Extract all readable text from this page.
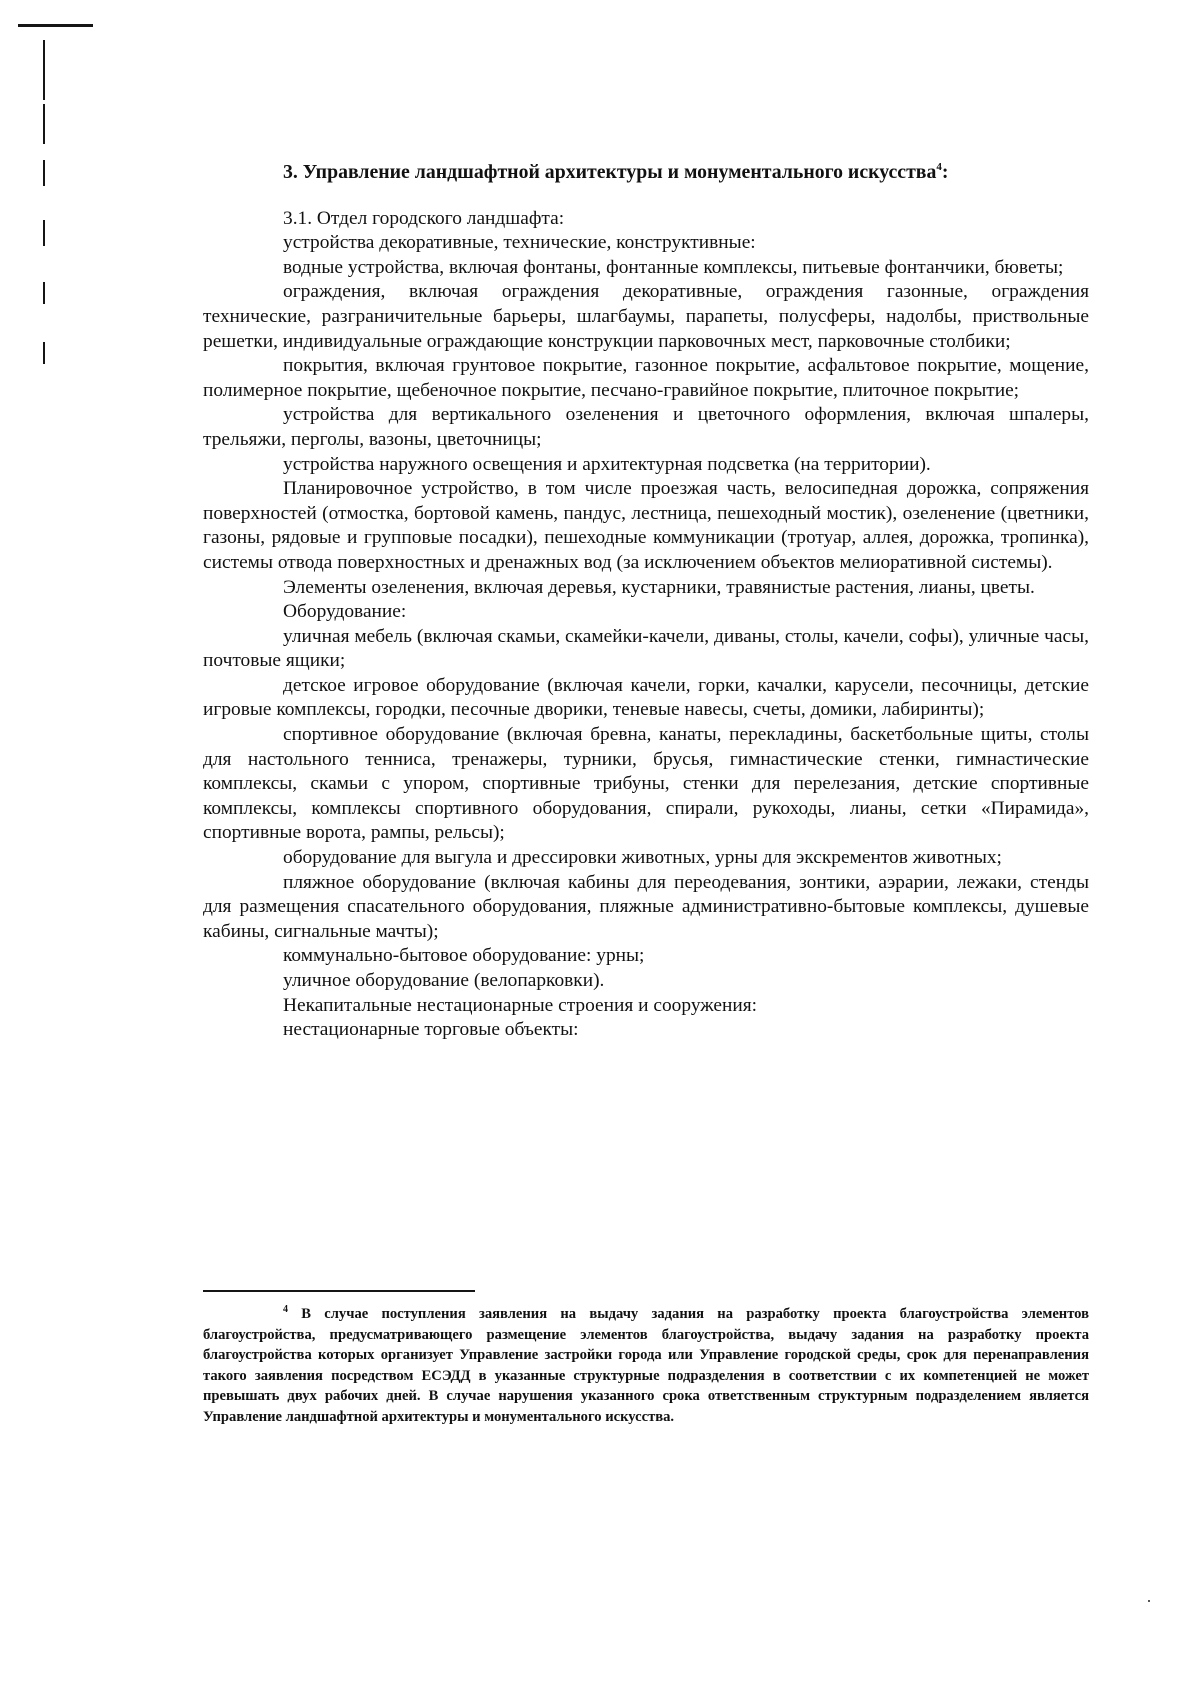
3. Управление ландшафтной архитектуры и монументального искусства$^4$:

3.1. Отдел городского ландшафта:

устройства декоративные, технические, конструктивные:

водные устройства, включая фонтаны, фонтанные комплексы, питьевые фонтанчики, бюветы;

ограждения, включая ограждения декоративные, ограждения газонные, ограждения технические, разграничительные барьеры, шлагбаумы, парапеты, полусферы, надолбы, приствольные решетки, индивидуальные ограждающие конструкции парковочных мест, парковочные столбики;

покрытия, включая грунтовое покрытие, газонное покрытие, асфальтовое покрытие, мощение, полимерное покрытие, щебеночное покрытие, песчано-гравийное покрытие, плиточное покрытие;

устройства для вертикального озеленения и цветочного оформления, включая шпалеры, трельяжи, перголы, вазоны, цветочницы;

устройства наружного освещения и архитектурная подсветка (на территории).

Планировочное устройство, в том числе проезжая часть, велосипедная дорожка, сопряжения поверхностей (отмостка, бортовой камень, пандус, лестница, пешеходный мостик), озеленение (цветники, газоны, рядовые и групповые посадки), пешеходные коммуникации (тротуар, аллея, дорожка, тропинка), системы отвода поверхностных и дренажных вод (за исключением объектов мелиоративной системы).

Элементы озеленения, включая деревья, кустарники, травянистые растения, лианы, цветы.

Оборудование:

уличная мебель (включая скамьи, скамейки-качели, диваны, столы, качели, софы), уличные часы, почтовые ящики;

детское игровое оборудование (включая качели, горки, качалки, карусели, песочницы, детские игровые комплексы, городки, песочные дворики, теневые навесы, счеты, домики, лабиринты);

спортивное оборудование (включая бревна, канаты, перекладины, баскетбольные щиты, столы для настольного тенниса, тренажеры, турники, брусья, гимнастические стенки, гимнастические комплексы, скамьи с упором, спортивные трибуны, стенки для перелезания, детские спортивные комплексы, комплексы спортивного оборудования, спирали, рукоходы, лианы, сетки «Пирамида», спортивные ворота, рампы, рельсы);

оборудование для выгула и дрессировки животных, урны для экскрементов животных;

пляжное оборудование (включая кабины для переодевания, зонтики, аэрарии, лежаки, стенды для размещения спасательного оборудования, пляжные административно-бытовые комплексы, душевые кабины, сигнальные мачты);

коммунально-бытовое оборудование: урны;

уличное оборудование (велопарковки).

Некапитальные нестационарные строения и сооружения:

нестационарные торговые объекты:

$^4$ В случае поступления заявления на выдачу задания на разработку проекта благоустройства элементов благоустройства, предусматривающего размещение элементов благоустройства, выдачу задания на разработку проекта благоустройства которых организует Управление застройки города или Управление городской среды, срок для перенаправления такого заявления посредством ЕСЭДД в указанные структурные подразделения в соответствии с их компетенцией не может превышать двух рабочих дней. В случае нарушения указанного срока ответственным структурным подразделением является Управление ландшафтной архитектуры и монументального искусства.
